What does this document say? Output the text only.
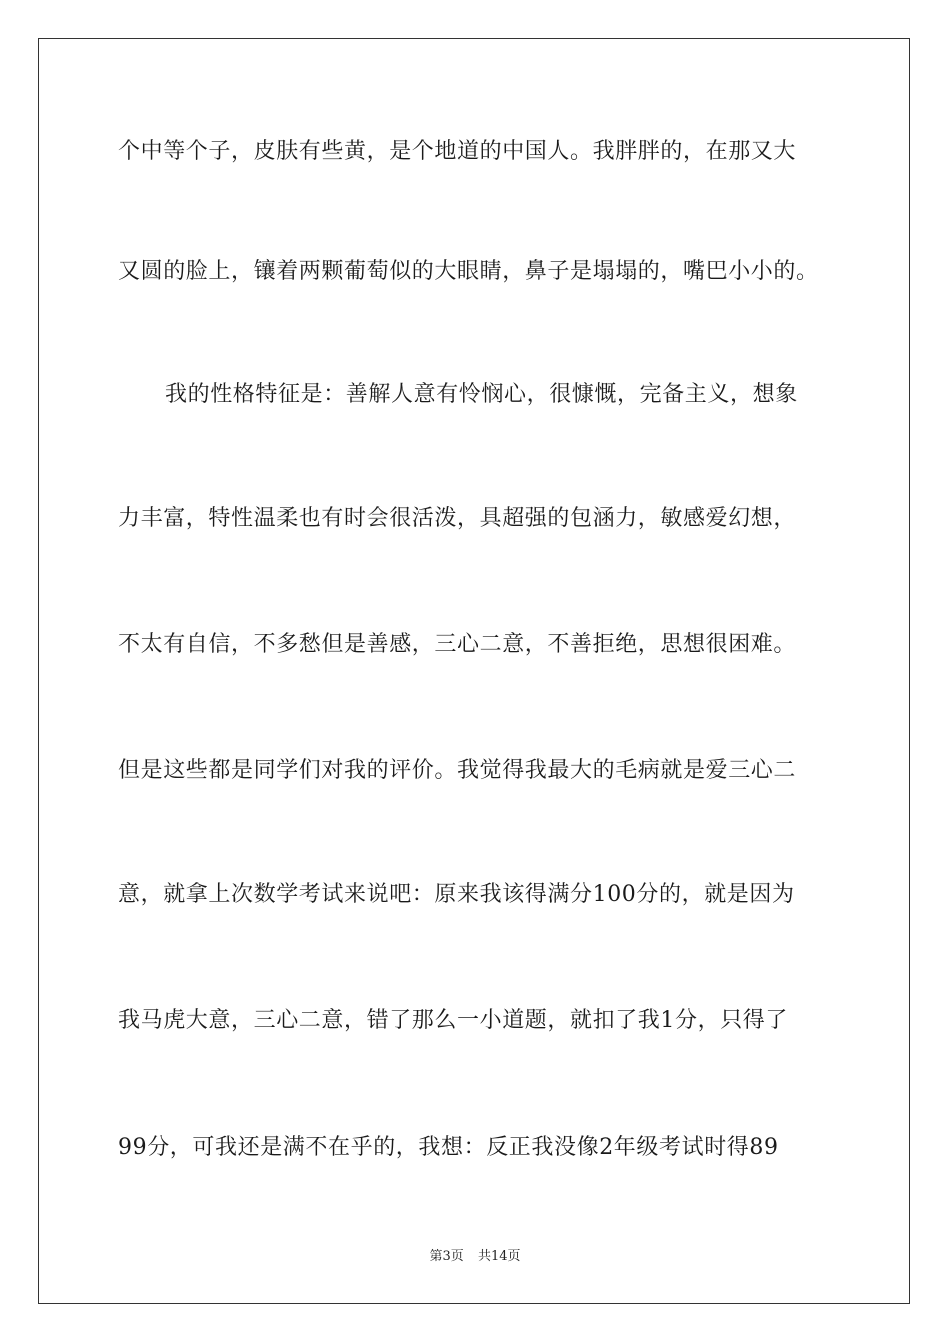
个中等个子，皮肤有些黄，是个地道的中国人。我胖胖的，在那又大
又圆的脸上，镶着两颗葡萄似的大眼睛，鼻子是塌塌的，嘴巴小小的。
我的性格特征是：善解人意有怜悯心，很慷慨，完备主义，想象
力丰富，特性温柔也有时会很活泼，具超强的包涵力，敏感爱幻想，
不太有自信，不多愁但是善感，三心二意，不善拒绝，思想很困难。
但是这些都是同学们对我的评价。我觉得我最大的毛病就是爱三心二
意，就拿上次数学考试来说吧：原来我该得满分100分的，就是因为
我马虎大意，三心二意，错了那么一小道题，就扣了我1分，只得了
99分，可我还是满不在乎的，我想：反正我没像2年级考试时得89
第3页 共14页
